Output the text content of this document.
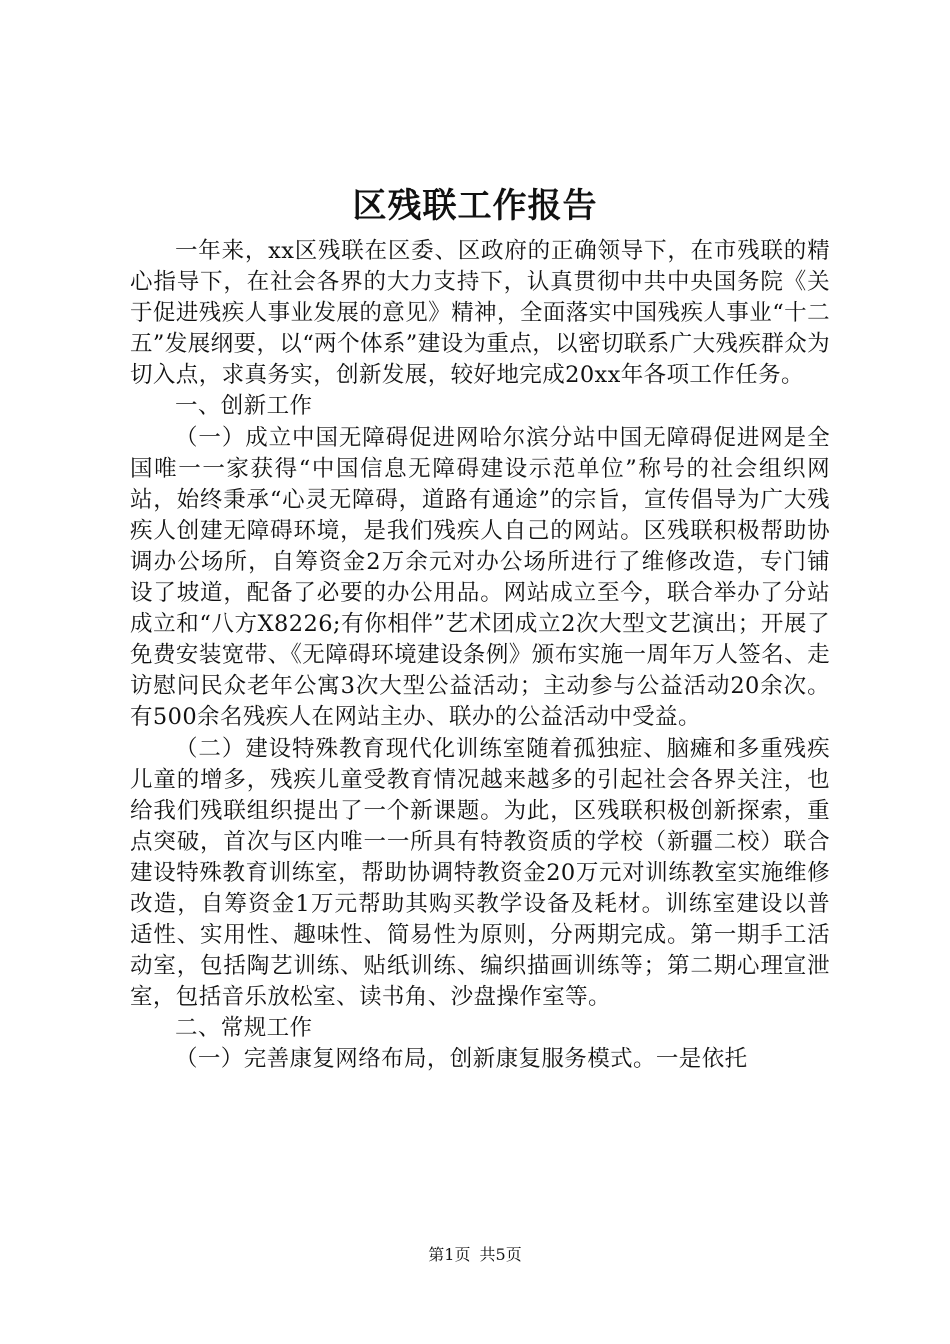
区残联工作报告

一年来，xx区残联在区委、区政府的正确领导下，在市残联的精心指导下，在社会各界的大力支持下，认真贯彻中共中央国务院《关于促进残疾人事业发展的意见》精神，全面落实中国残疾人事业“十二五”发展纲要，以“两个体系”建设为重点，以密切联系广大残疾群众为切入点，求真务实，创新发展，较好地完成20xx年各项工作任务。

一、创新工作

（一）成立中国无障碍促进网哈尔滨分站中国无障碍促进网是全国唯一一家获得“中国信息无障碍建设示范单位”称号的社会组织网站，始终秉承“心灵无障碍，道路有通途”的宗旨，宣传倡导为广大残疾人创建无障碍环境，是我们残疾人自己的网站。区残联积极帮助协调办公场所，自筹资金2万余元对办公场所进行了维修改造，专门铺设了坡道，配备了必要的办公用品。网站成立至今，联合举办了分站成立和“八方X8226;有你相伴”艺术团成立2次大型文艺演出；开展了免费安装宽带、《无障碍环境建设条例》颁布实施一周年万人签名、走访慰问民众老年公寓3次大型公益活动；主动参与公益活动20余次。有500余名残疾人在网站主办、联办的公益活动中受益。

（二）建设特殊教育现代化训练室随着孤独症、脑瘫和多重残疾儿童的增多，残疾儿童受教育情况越来越多的引起社会各界关注，也给我们残联组织提出了一个新课题。为此，区残联积极创新探索，重点突破，首次与区内唯一一所具有特教资质的学校（新疆二校）联合建设特殊教育训练室，帮助协调特教资金20万元对训练教室实施维修改造，自筹资金1万元帮助其购买教学设备及耗材。训练室建设以普适性、实用性、趣味性、简易性为原则，分两期完成。第一期手工活动室，包括陶艺训练、贴纸训练、编织描画训练等；第二期心理宣泄室，包括音乐放松室、读书角、沙盘操作室等。

二、常规工作

（一）完善康复网络布局，创新康复服务模式。一是依托

第1页 共5页
